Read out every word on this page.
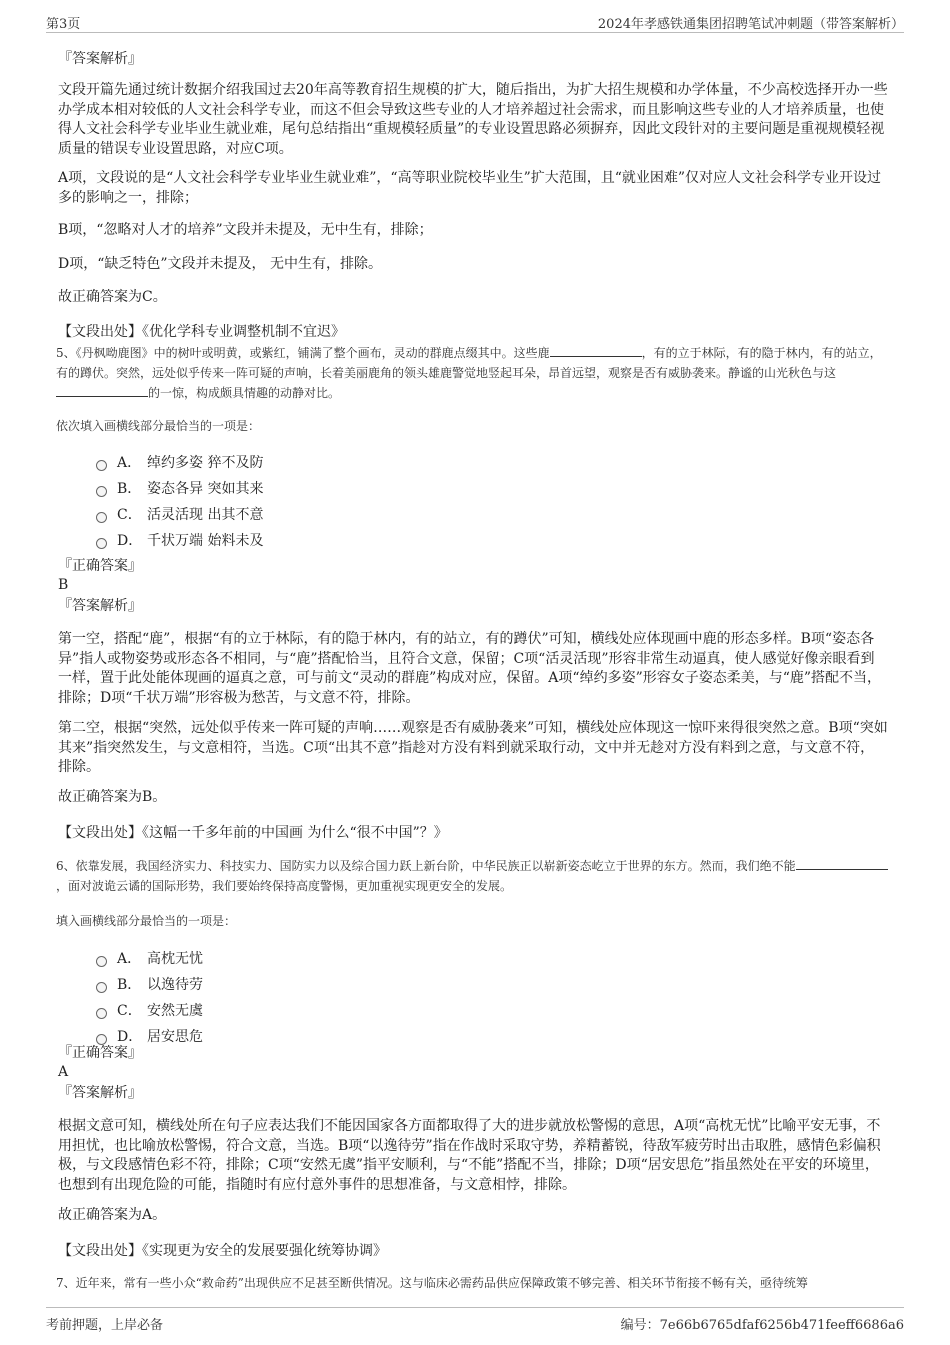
第3页	2024年孝感铁通集团招聘笔试冲刺题（带答案解析）
『答案解析』
文段开篇先通过统计数据介绍我国过去20年高等教育招生规模的扩大，随后指出，为扩大招生规模和办学体量，不少高校选择开办一些办学成本相对较低的人文社会科学专业，而这不但会导致这些专业的人才培养超过社会需求，而且影响这些专业的人才培养质量，也使得人文社会科学专业毕业生就业难，尾句总结指出“重规模轻质量”的专业设置思路必须摒弃，因此文段针对的主要问题是重视规模轻视质量的错误专业设置思路，对应C项。
A项，文段说的是“人文社会科学专业毕业生就业难”，“高等职业院校毕业生”扩大范围，且“就业困难”仅对应人文社会科学专业开设过多的影响之一，排除；
B项，“忽略对人才的培养”文段并未提及，无中生有，排除；
D项，“缺乏特色”文段并未提及， 无中生有，排除。
故正确答案为C。
【文段出处】《优化学科专业调整机制不宜迟》
5、《丹枫呦鹿图》中的树叶或明黄，或紫红，铺满了整个画布，灵动的群鹿点缀其中。这些鹿	，有的立于林际，有的隐于林内，有的站立，有的蹲伏。突然，远处似乎传来一阵可疑的声响，长着美丽鹿角的领头雄鹿警觉地竖起耳朵，昂首远望，观察是否有威胁袭来。静谧的山光秋色与这的一惊，构成颇具情趣的动静对比。
依次填入画横线部分最恰当的一项是：
A． 绰约多姿 猝不及防
B． 姿态各异 突如其来
C． 活灵活现 出其不意
D． 千状万端 始料未及
『正确答案』
B
『答案解析』
第一空，搭配“鹿”，根据“有的立于林际，有的隐于林内，有的站立，有的蹲伏”可知，横线处应体现画中鹿的形态多样。B项“姿态各异”指人或物姿势或形态各不相同，与“鹿”搭配恰当，且符合文意，保留；C项“活灵活现”形容非常生动逼真，使人感觉好像亲眼看到一样，置于此处能体现画的逼真之意，可与前文“灵动的群鹿”构成对应，保留。A项“绰约多姿”形容女子姿态柔美，与“鹿”搭配不当，排除；D项“千状万端”形容极为愁苦，与文意不符，排除。
第二空，根据“突然，远处似乎传来一阵可疑的声响……观察是否有威胁袭来”可知，横线处应体现这一惊吓来得很突然之意。B项“突如其来”指突然发生，与文意相符，当选。C项“出其不意”指趁对方没有料到就采取行动，文中并无趁对方没有料到之意，与文意不符，排除。
故正确答案为B。
【文段出处】《这幅一千多年前的中国画 为什么“很不中国”？》
6、依靠发展，我国经济实力、科技实力、国防实力以及综合国力跃上新台阶，中华民族正以崭新姿态屹立于世界的东方。然而，我们绝不能，面对波诡云谲的国际形势，我们要始终保持高度警惕，更加重视实现更安全的发展。
填入画横线部分最恰当的一项是：
A． 高枕无忧
B． 以逸待劳
C． 安然无虞
D． 居安思危
『正确答案』
A
『答案解析』
根据文意可知，横线处所在句子应表达我们不能因国家各方面都取得了大的进步就放松警惕的意思，A项“高枕无忧”比喻平安无事，不用担忧，也比喻放松警惕，符合文意，当选。B项“以逸待劳”指在作战时采取守势，养精蓄锐，待敌军疲劳时出击取胜，感情色彩偏积极，与文段感情色彩不符，排除；C项“安然无虞”指平安顺利，与“不能”搭配不当，排除；D项“居安思危”指虽然处在平安的环境里，也想到有出现危险的可能，指随时有应付意外事件的思想准备，与文意相悖，排除。
故正确答案为A。
【文段出处】《实现更为安全的发展要强化统筹协调》
7、近年来，常有一些小众“救命药”出现供应不足甚至断供情况。这与临床必需药品供应保障政策不够完善、相关环节衔接不畅有关，亟待统筹
考前押题，上岸必备	编号：7e66b6765dfaf6256b471feeff6686a6
